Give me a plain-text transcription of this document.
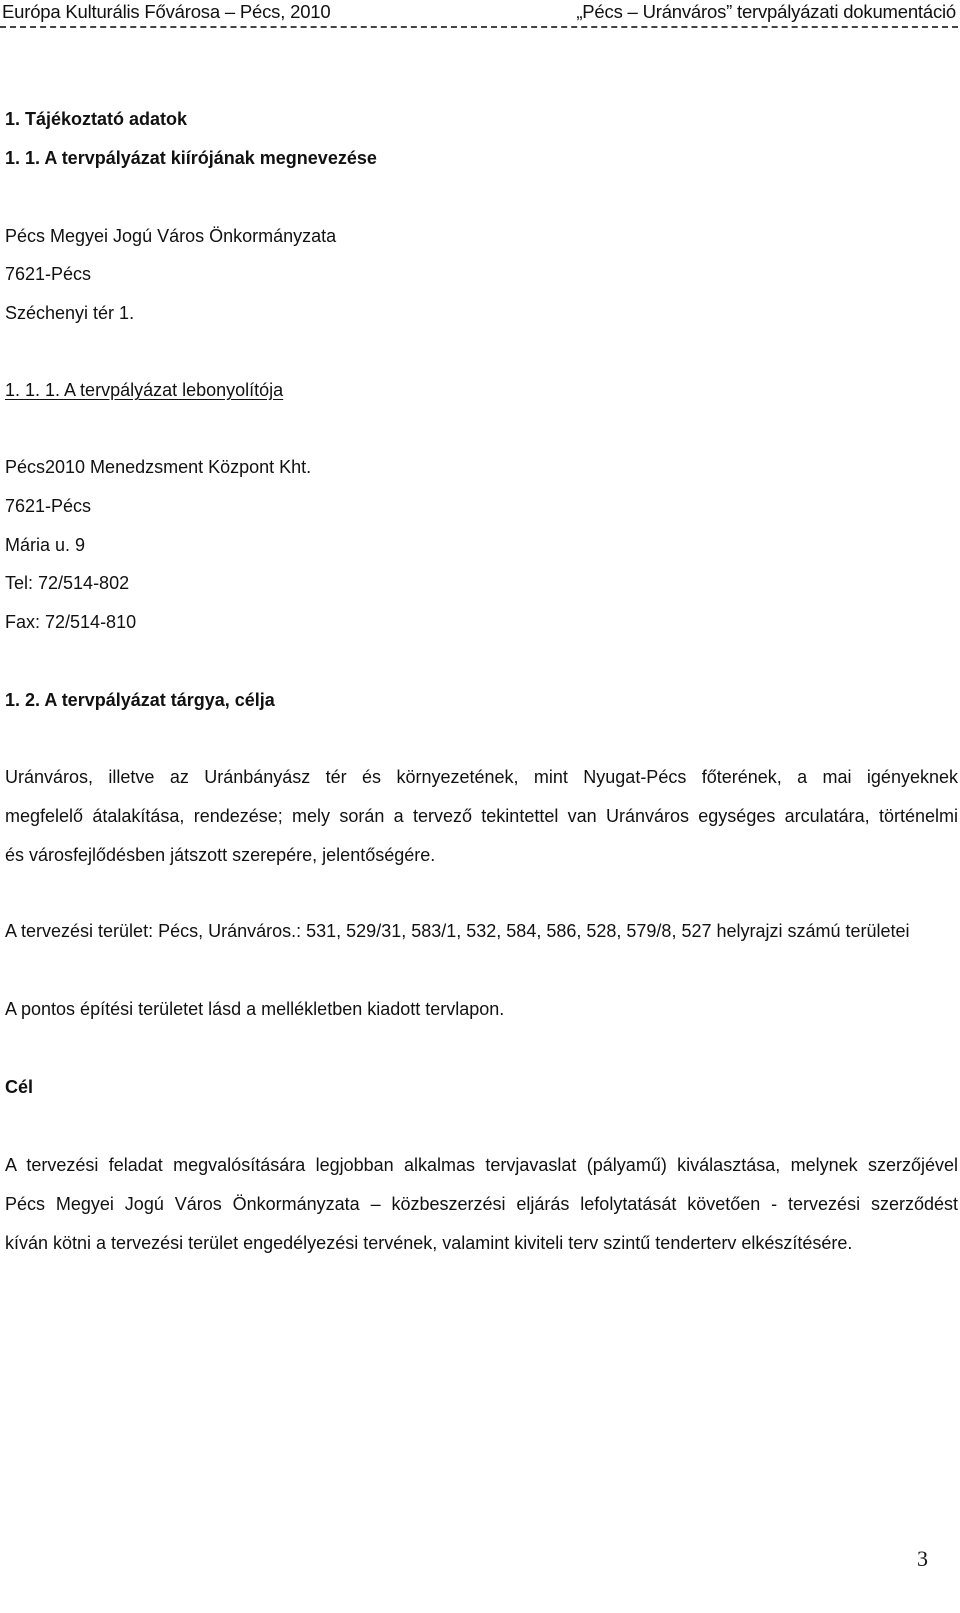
Európa Kulturális Fővárosa – Pécs, 2010	„Pécs – Uránváros” tervpályázati dokumentáció
1. Tájékoztató adatok
1. 1. A tervpályázat kiírójának megnevezése
Pécs Megyei Jogú Város Önkormányzata
7621-Pécs
Széchenyi tér 1.
1. 1. 1. A tervpályázat lebonyolítója
Pécs2010 Menedzsment Központ Kht.
7621-Pécs
Mária u. 9
Tel: 72/514-802
Fax: 72/514-810
1. 2. A tervpályázat tárgya, célja

Uránváros, illetve az Uránbányász tér és környezetének, mint Nyugat-Pécs főterének, a mai igényeknek
megfelelő átalakítása, rendezése; mely során a tervező tekintettel van Uránváros egységes arculatára, történelmi
és városfejlődésben játszott szerepére, jelentőségére.

A tervezési terület: Pécs, Uránváros.: 531, 529/31, 583/1, 532, 584, 586, 528, 579/8, 527 helyrajzi számú területei
A pontos építési területet lásd a mellékletben kiadott tervlapon.
Cél

A tervezési feladat megvalósítására legjobban alkalmas tervjavaslat (pályamű) kiválasztása, melynek szerzőjével
Pécs Megyei Jogú Város Önkormányzata – közbeszerzési eljárás lefolytatását követően - tervezési szerződést
kíván kötni a tervezési terület engedélyezési tervének, valamint kiviteli terv szintű tenderterv elkészítésére.

3
